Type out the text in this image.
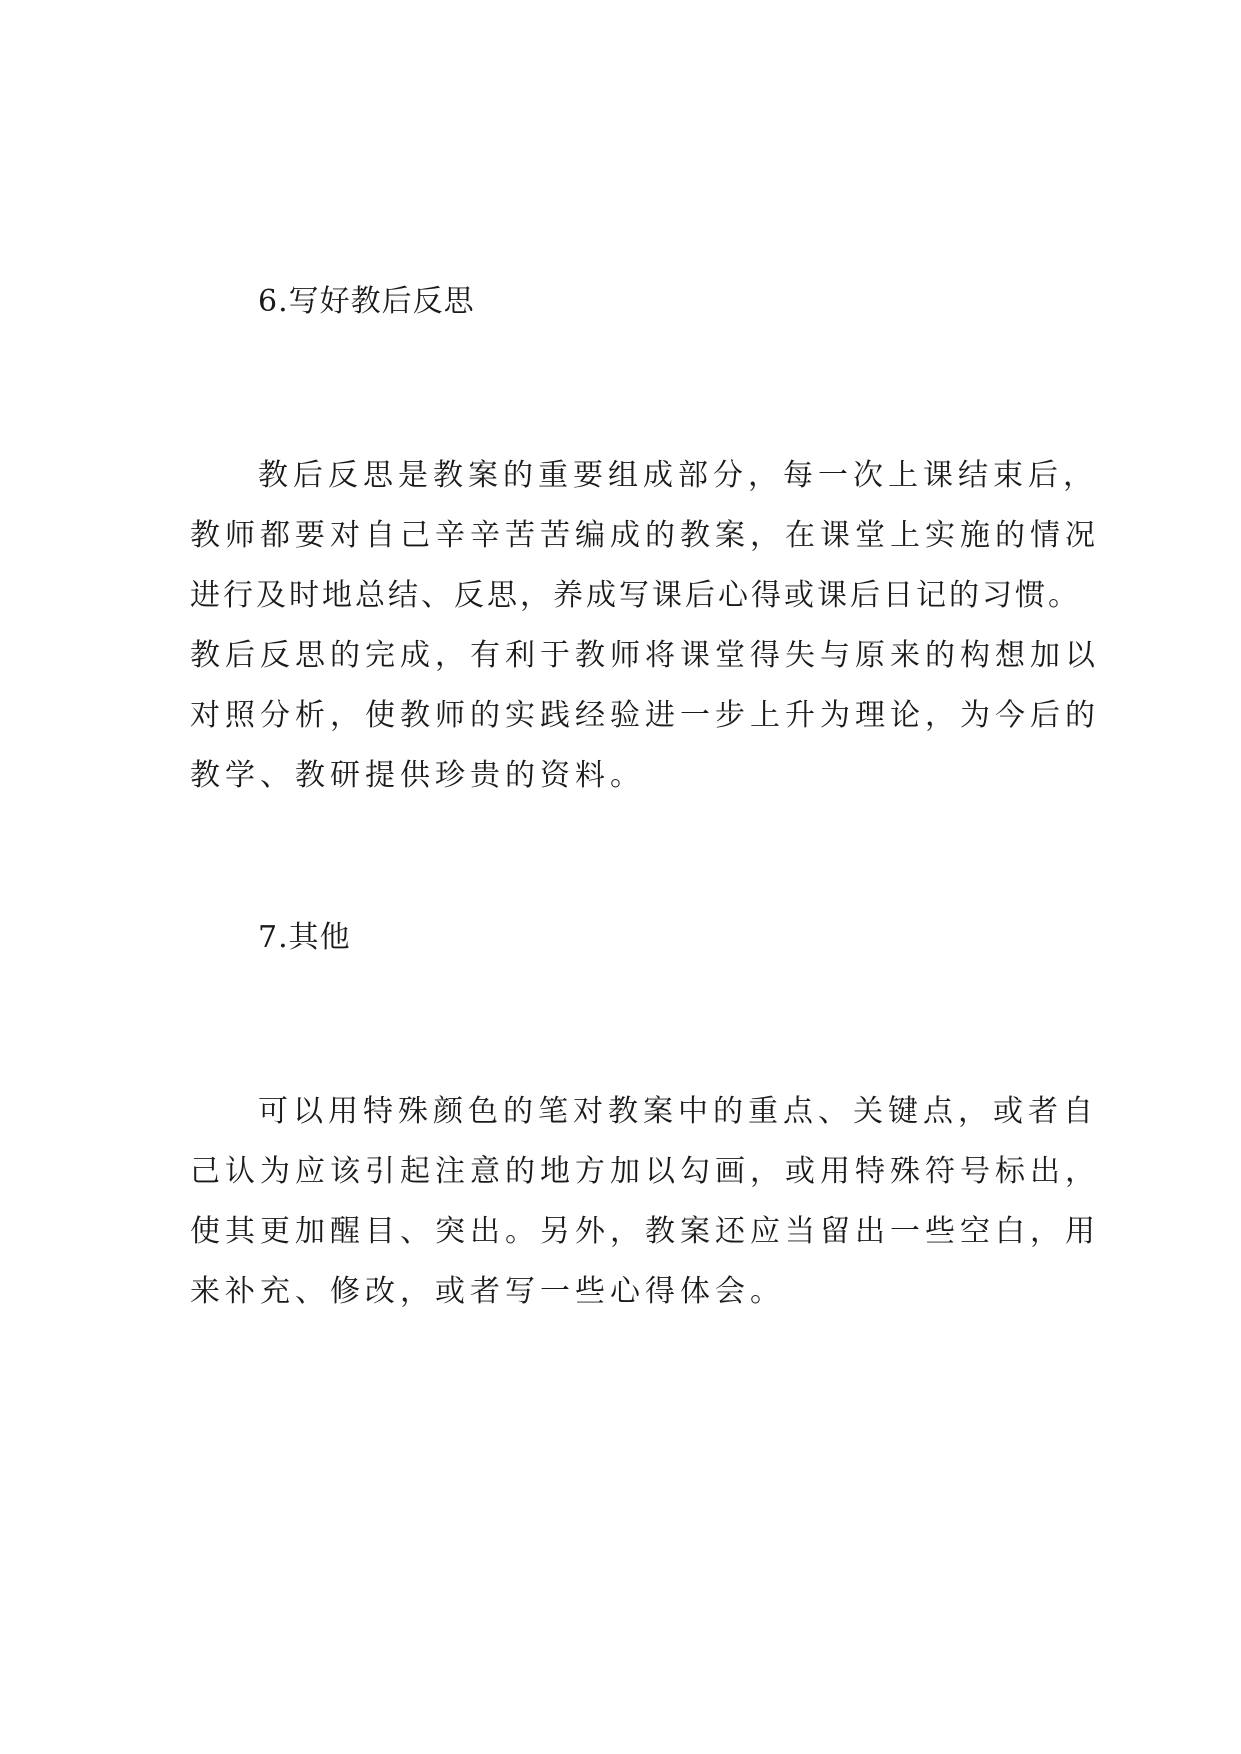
6.写好教后反思
教后反思是教案的重要组成部分，每一次上课结束后，
教师都要对自己辛辛苦苦编成的教案，在课堂上实施的情况
进行及时地总结、反思，养成写课后心得或课后日记的习惯。
教后反思的完成，有利于教师将课堂得失与原来的构想加以
对照分析，使教师的实践经验进一步上升为理论，为今后的
教学、教研提供珍贵的资料。
7.其他
可以用特殊颜色的笔对教案中的重点、关键点，或者自
己认为应该引起注意的地方加以勾画，或用特殊符号标出，
使其更加醒目、突出。另外，教案还应当留出一些空白，用
来补充、修改，或者写一些心得体会。
